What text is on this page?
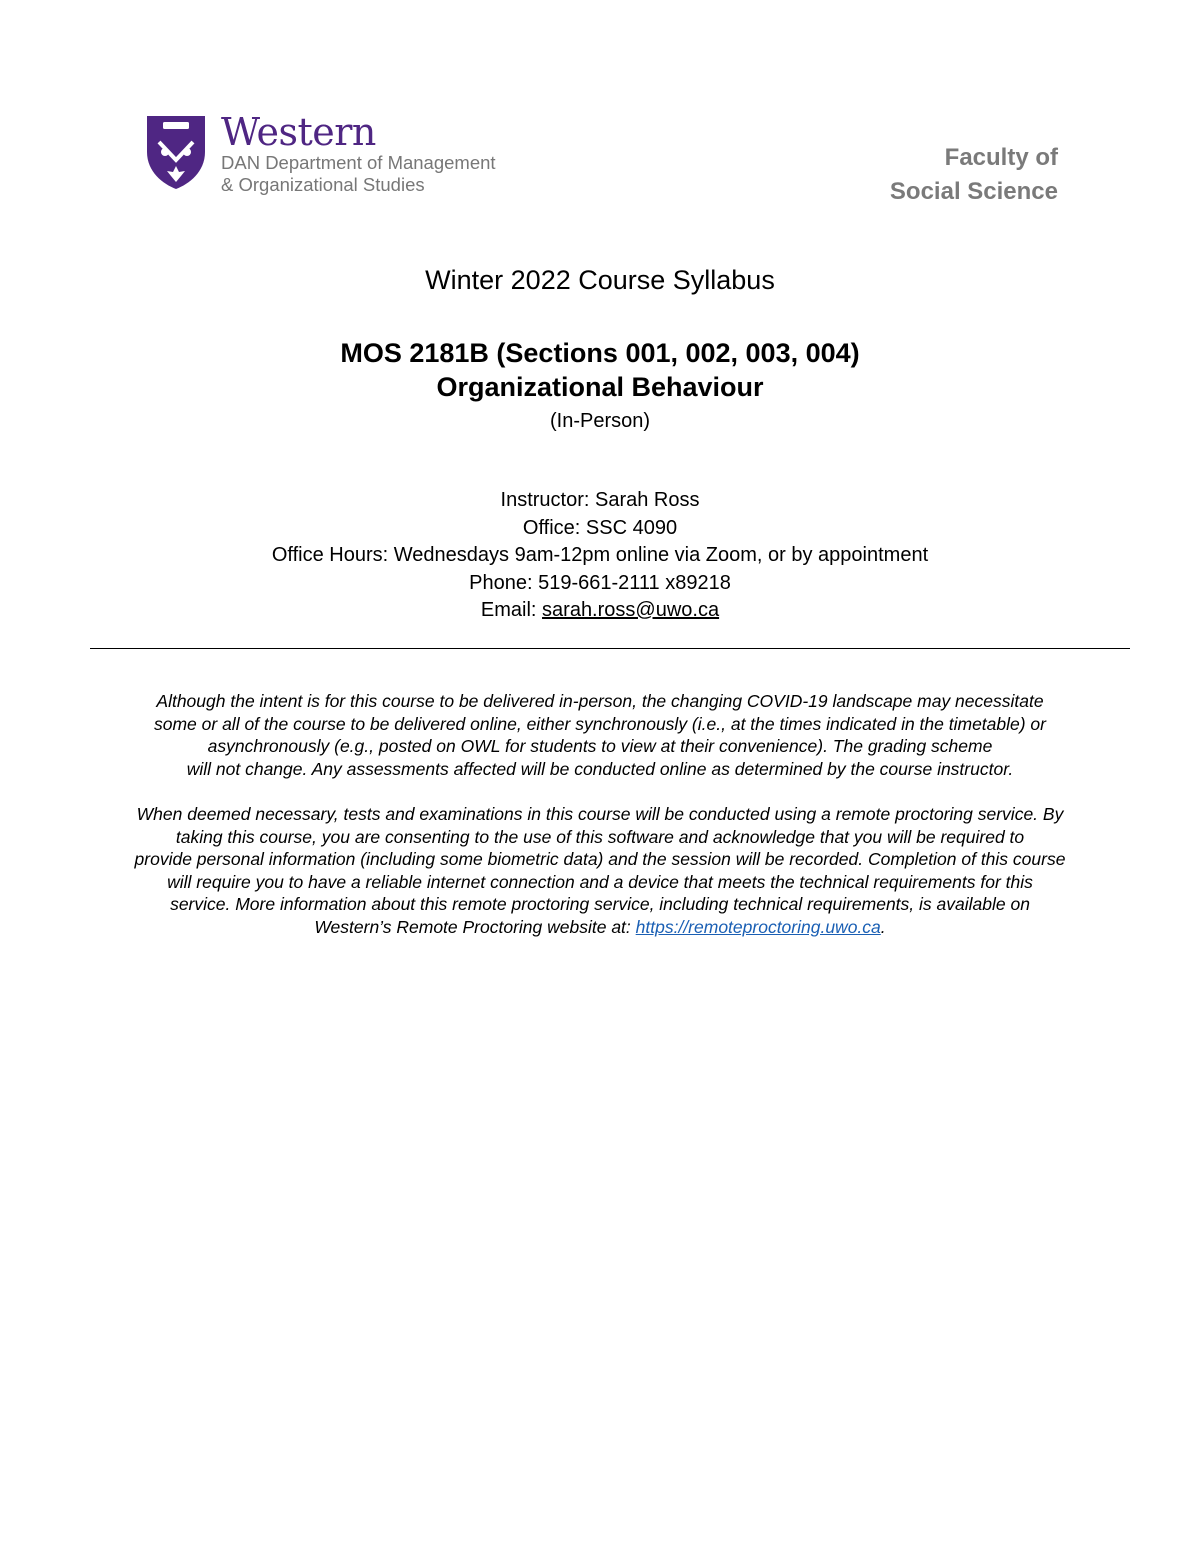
Western
DAN Department of Management
& Organizational Studies
Faculty of
Social Science
Winter 2022 Course Syllabus
MOS 2181B (Sections 001, 002, 003, 004)
Organizational Behaviour
(In-Person)
Instructor: Sarah Ross
Office: SSC 4090
Office Hours: Wednesdays 9am-12pm online via Zoom, or by appointment
Phone: 519-661-2111 x89218
Email: sarah.ross@uwo.ca
Although the intent is for this course to be delivered in-person, the changing COVID-19 landscape may necessitate
some or all of the course to be delivered online, either synchronously (i.e., at the times indicated in the timetable) or
asynchronously (e.g., posted on OWL for students to view at their convenience). The grading scheme
will not change. Any assessments affected will be conducted online as determined by the course instructor.
When deemed necessary, tests and examinations in this course will be conducted using a remote proctoring service. By
taking this course, you are consenting to the use of this software and acknowledge that you will be required to
provide personal information (including some biometric data) and the session will be recorded. Completion of this course
will require you to have a reliable internet connection and a device that meets the technical requirements for this
service. More information about this remote proctoring service, including technical requirements, is available on
Western’s Remote Proctoring website at: https://remoteproctoring.uwo.ca.
